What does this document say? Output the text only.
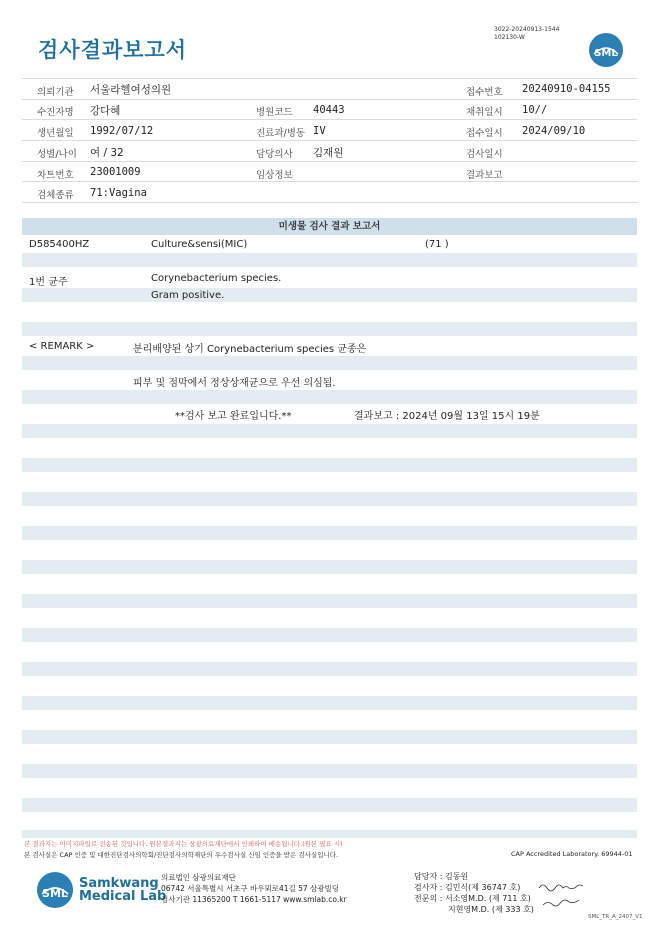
검사결과보고서
3022-20240913-1544
102130-W
SML
의뢰기관 서울라헬여성의원	접수번호 20240910-04155
수진자명 강다혜	병원코드 40443	채취일시 10//
생년월일 1992/07/12	진료과/병동 IV	접수일시 2024/09/10
성별/나이 여 / 32	담당의사 김재원	검사일시
차트번호 23001009	임상정보	결과보고
검체종류 71:Vagina
미생물 검사 결과 보고서
D585400HZ	Culture&sensi(MIC)	(71 )
1번 균주	Corynebacterium species.
Gram positive.
< REMARK >	분리배양된 상기 Corynebacterium species 균종은
피부 및 점막에서 정상상재균으로 우선 의심됨.
**검사 보고 완료입니다.**	결과보고 : 2024년 09월 13일 15시 19분
본 결과지는 이미지파일로 전송된 것입니다. 원본결과지는 삼광의료재단에서 인쇄하여 배송됩니다.(원본 필요 시)
본 검사실은 CAP 인증 및 대한진단검사의학회/진단검사의학재단의 우수검사실 신임 인증을 받은 검사실입니다.	CAP Accredited Laboratory. 69944-01
SML
Samkwang
Medical Lab
의료법인 삼광의료재단
06742 서울특별시 서초구 바우뫼로41길 57 삼광빌딩
검사기관 11365200 T 1661-5117 www.smlab.co.kr
담당자 : 김동원
검사자 : 김민식(제 36747 호)
전문의 : 서소영M.D. (제 711 호)
지현영M.D. (제 333 호)
SML_TR_A_2407_V1
